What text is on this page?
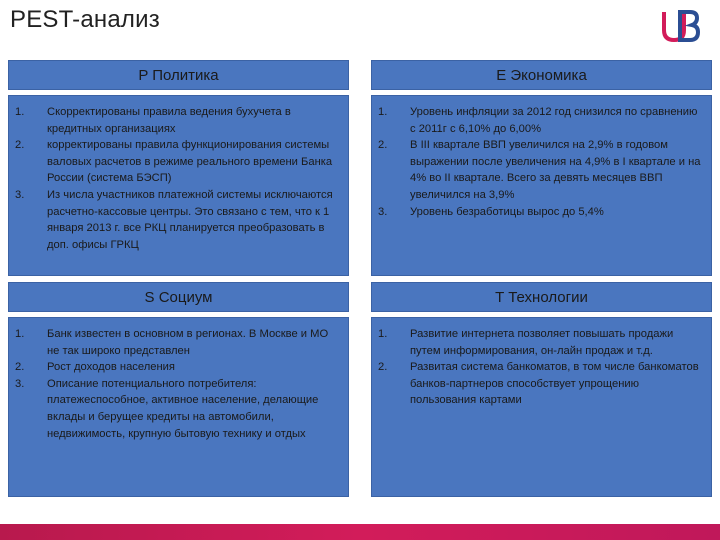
PEST-анализ
P Политика
1. Скорректированы правила ведения бухучета в кредитных организациях
2. корректированы правила функционирования системы валовых расчетов в режиме реального времени Банка России (система БЭСП)
3. Из числа участников платежной системы исключаются расчетно-кассовые центры. Это связано с тем, что к 1 января 2013 г. все РКЦ планируется преобразовать в доп. офисы ГРКЦ
E Экономика
1. Уровень инфляции за 2012 год снизился по сравнению с 2011г с 6,10% до 6,00%
2. В III квартале ВВП увеличился на 2,9% в годовом выражении после увеличения на 4,9% в I квартале и на 4% во II квартале. Всего за девять месяцев ВВП увеличился на 3,9%
3. Уровень безработицы вырос до 5,4%
S Социум
1. Банк известен в основном в регионах. В Москве и МО не так широко представлен
2. Рост доходов населения
3. Описание потенциального потребителя: платежеспособное, активное население, делающие вклады и берущее кредиты на автомобили, недвижимость, крупную бытовую технику и отдых
T Технологии
1. Развитие интернета позволяет повышать продажи путем информирования, он-лайн продаж и т.д.
2. Развитая система банкоматов, в том числе банкоматов банков-партнеров способствует упрощению пользования картами
